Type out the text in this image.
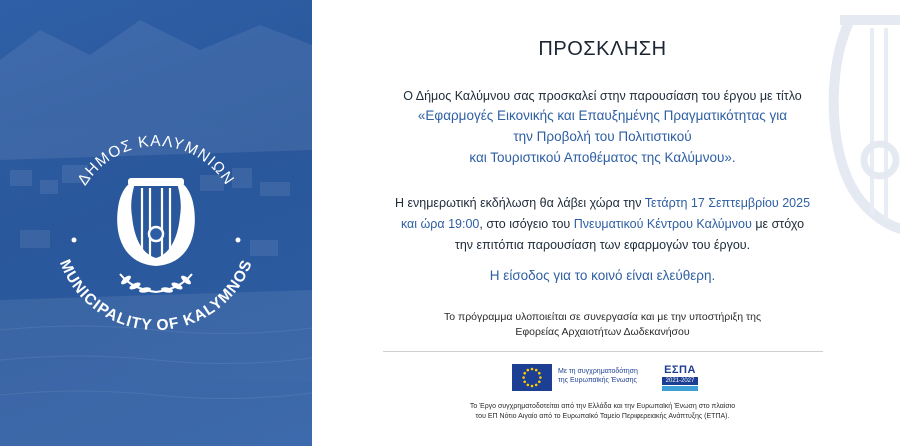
ΔΗΜΟΣ ΚΑΛΥΜΝΙΩΝ
MUNICIPALITY OF KALYMNOS
ΠΡΟΣΚΛΗΣΗ
Ο Δήμος Καλύμνου σας προσκαλεί στην παρουσίαση του έργου με τίτλο
«Εφαρμογές Εικονικής και Επαυξημένης Πραγματικότητας για
την Προβολή του Πολιτιστικού
και Τουριστικού Αποθέματος της Καλύμνου».
Η ενημερωτική εκδήλωση θα λάβει χώρα την Τετάρτη 17 Σεπτεμβρίου 2025
και ώρα 19:00, στο ισόγειο του Πνευματικού Κέντρου Καλύμνου με στόχο
την επιτόπια παρουσίαση των εφαρμογών του έργου.
Η είσοδος για το κοινό είναι ελεύθερη.
Το πρόγραμμα υλοποιείται σε συνεργασία και με την υποστήριξη της
Εφορείας Αρχαιοτήτων Δωδεκανήσου
Με τη συγχρηματοδότηση
της Ευρωπαϊκής Ένωσης
ΕΣΠΑ
2021-2027
Το Έργο συγχρηματοδοτείται από την Ελλάδα και την Ευρωπαϊκή Ένωση στο πλαίσιο
του ΕΠ Νότιο Αιγαίο από το Ευρωπαϊκό Ταμείο Περιφερειακής Ανάπτυξης (ΕΤΠΑ).
